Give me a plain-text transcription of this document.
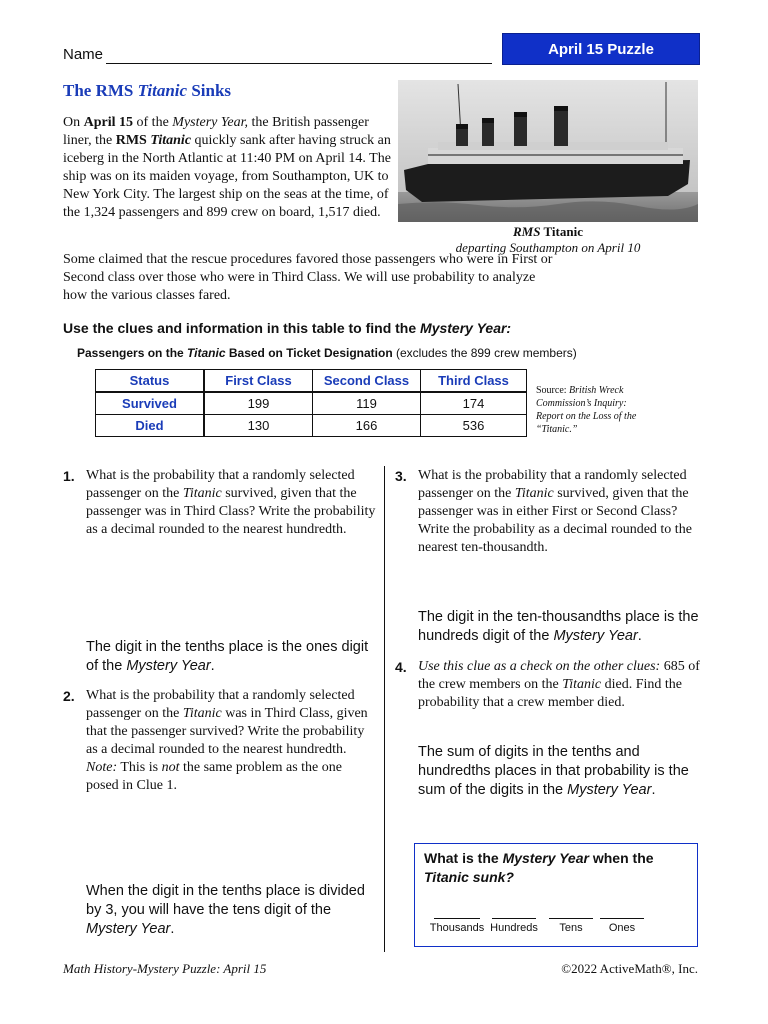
Name	April 15 Puzzle
The RMS Titanic Sinks
On April 15 of the Mystery Year, the British passenger liner, the RMS Titanic quickly sank after having struck an iceberg in the North Atlantic at 11:40 PM on April 14. The ship was on its maiden voyage, from Southampton, UK to New York City. The largest ship on the seas at the time, of the 1,324 passengers and 899 crew on board, 1,517 died.
RMS Titanic
departing Southampton on April 10
Some claimed that the rescue procedures favored those passengers who were in First or Second class over those who were in Third Class. We will use probability to analyze how the various classes fared.
Use the clues and information in this table to find the Mystery Year:
Passengers on the Titanic Based on Ticket Designation (excludes the 899 crew members)
Status	First Class	Second Class	Third Class
Survived	199	119	174
Died	130	166	536
Source: British Wreck Commission’s Inquiry: Report on the Loss of the “Titanic.”
1. What is the probability that a randomly selected passenger on the Titanic survived, given that the passenger was in Third Class? Write the probability as a decimal rounded to the nearest hundredth.
The digit in the tenths place is the ones digit of the Mystery Year.
2. What is the probability that a randomly selected passenger on the Titanic was in Third Class, given that the passenger survived? Write the probability as a decimal rounded to the nearest hundredth. Note: This is not the same problem as the one posed in Clue 1.
When the digit in the tenths place is divided by 3, you will have the tens digit of the Mystery Year.
3. What is the probability that a randomly selected passenger on the Titanic survived, given that the passenger was in either First or Second Class? Write the probability as a decimal rounded to the nearest ten-thousandth.
The digit in the ten-thousandths place is the hundreds digit of the Mystery Year.
4. Use this clue as a check on the other clues: 685 of the crew members on the Titanic died. Find the probability that a crew member died.
The sum of digits in the tenths and hundredths places in that probability is the sum of the digits in the Mystery Year.
What is the Mystery Year when the Titanic sunk?
Thousands Hundreds	Tens	Ones
Math History-Mystery Puzzle: April 15	©2022 ActiveMath®, Inc.
